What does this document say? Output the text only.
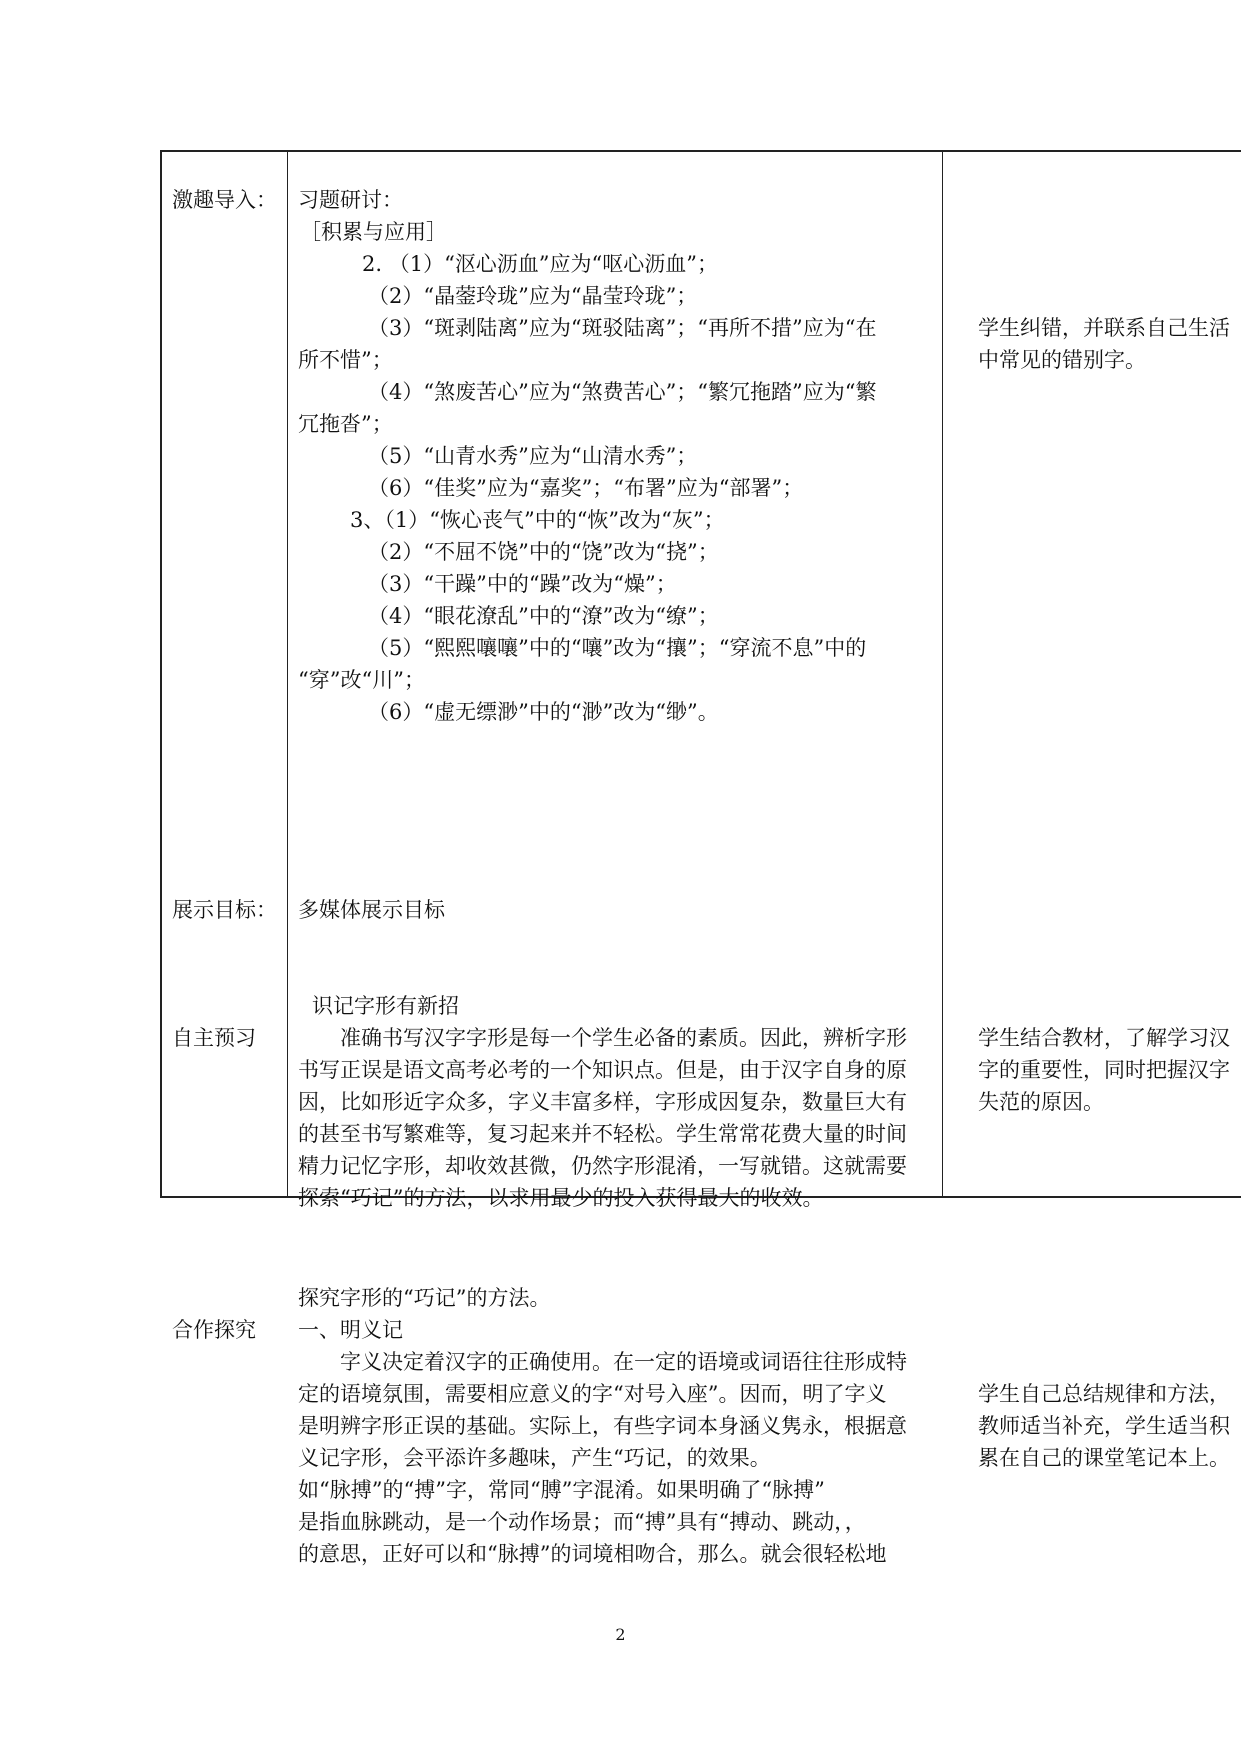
激趣导入： 习题研讨：
［积累与应用］
2. （1）“沤心沥血”应为“呕心沥血”；
（2）“晶蓥玲珑”应为“晶莹玲珑”；
（3）“斑剥陆离”应为“斑驳陆离”；“再所不措”应为“在
所不惜”；
（4）“煞废苦心”应为“煞费苦心”；“繁冗拖踏”应为“繁
冗拖沓”；
（5）“山青水秀”应为“山清水秀”；
（6）“佳奖”应为“嘉奖”；“布署”应为“部署”；
3、（1）“恢心丧气”中的“恢”改为“灰”；
（2）“不屈不饶”中的“饶”改为“挠”；
（3）“干躁”中的“躁”改为“燥”；
（4）“眼花潦乱”中的“潦”改为“缭”；
（5）“熙熙嚷嚷”中的“嚷”改为“攘”；“穿流不息”中的
“穿”改“川”；
（6）“虚无缥渺”中的“渺”改为“缈”。
学生纠错，并联系自己生活
中常见的错别字。
展示目标： 多媒体展示目标
识记字形有新招
自主预习	准确书写汉字字形是每一个学生必备的素质。因此，辨析字形
书写正误是语文高考必考的一个知识点。但是，由于汉字自身的原
因，比如形近字众多，字义丰富多样，字形成因复杂，数量巨大有
的甚至书写繁难等，复习起来并不轻松。学生常常花费大量的时间
精力记忆字形，却收效甚微，仍然字形混淆，一写就错。这就需要
探索“巧记”的方法，以求用最少的投入获得最大的收效。
学生结合教材，了解学习汉
字的重要性，同时把握汉字
失范的原因。
探究字形的“巧记”的方法。
合作探究 一、明义记
字义决定着汉字的正确使用。在一定的语境或词语往往形成特
定的语境氛围，需要相应意义的字“对号入座”。因而，明了字义
是明辨字形正误的基础。实际上，有些字词本身涵义隽永，根据意
义记字形，会平添许多趣味，产生“巧记，的效果。
如“脉搏”的“搏”字，常同“膊”字混淆。如果明确了“脉搏”
是指血脉跳动，是一个动作场景；而“搏”具有“搏动、跳动，，
的意思，正好可以和“脉搏”的词境相吻合，那么。就会很轻松地
学生自己总结规律和方法，
教师适当补充，学生适当积
累在自己的课堂笔记本上。
2
